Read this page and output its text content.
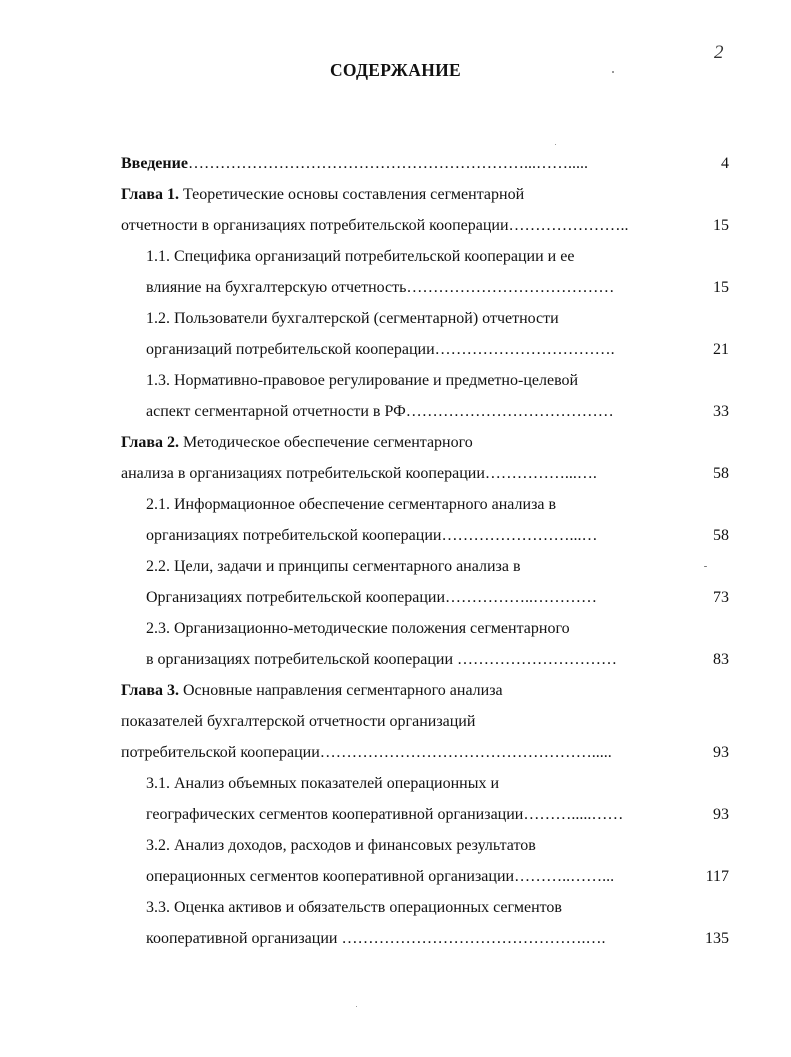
2
СОДЕРЖАНИЕ
Введение………………………………………………………...…….....	4
Глава 1. Теоретические основы составления сегментарной
отчетности в организациях потребительской кооперации…………………..	15
1.1. Специфика организаций потребительской кооперации и ее
влияние на бухгалтерскую отчетность…………………………………	15
1.2. Пользователи бухгалтерской (сегментарной) отчетности
организаций потребительской кооперации…………………………….	21
1.3. Нормативно-правовое регулирование и предметно-целевой
аспект сегментарной отчетности в РФ…………………………………	33
Глава 2. Методическое обеспечение сегментарного
анализа в организациях потребительской кооперации……………...….	58
2.1. Информационное обеспечение сегментарного анализа в
организациях потребительской кооперации……………………...…	58
2.2. Цели, задачи и принципы сегментарного анализа в
Организациях потребительской кооперации……………..…………	73
2.3. Организационно-методические положения сегментарного
в организациях потребительской кооперации …………………………	83
Глава 3. Основные направления сегментарного анализа
показателей бухгалтерской отчетности организаций
потребительской кооперации…………………………………………….....	93
3.1. Анализ объемных показателей операционных и
географических сегментов кооперативной организации……….....……	93
3.2. Анализ доходов, расходов и финансовых результатов
операционных сегментов кооперативной организации………..……...	117
3.3. Оценка активов и обязательств операционных сегментов
кооперативной организации ……………………………………….….	135
